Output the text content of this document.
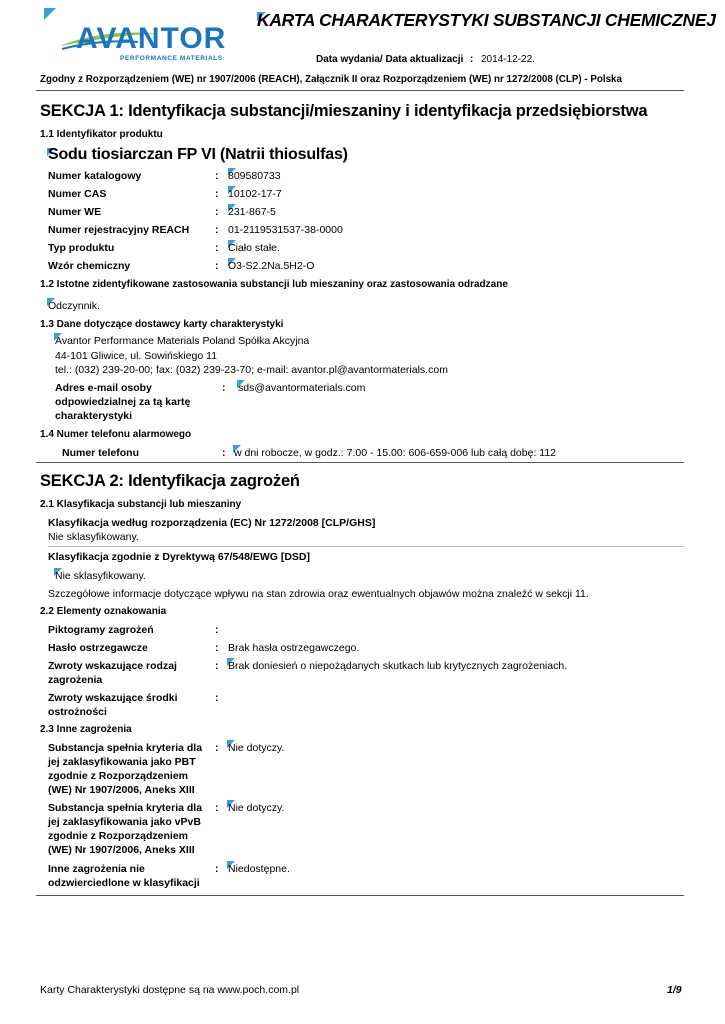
AVANTOR
PERFORMANCE MATERIALS
KARTA CHARAKTERYSTYKI SUBSTANCJI CHEMICZNEJ
Data wydania/ Data aktualizacji : 2014-12-22.
Zgodny z Rozporządzeniem (WE) nr 1907/2006 (REACH), Załącznik II oraz Rozporządzeniem (WE) nr 1272/2008 (CLP) - Polska
SEKCJA 1: Identyfikacja substancji/mieszaniny i identyfikacja przedsiębiorstwa
1.1 Identyfikator produktu
Sodu tiosiarczan FP VI (Natrii thiosulfas)
Numer katalogowy	: 809580733
Numer CAS	: 10102-17-7
Numer WE	: 231-867-5
Numer rejestracyjny REACH : 01-2119531537-38-0000
Typ produktu	: Ciało stałe.
Wzór chemiczny	: O3-S2.2Na.5H2-O
1.2 Istotne zidentyfikowane zastosowania substancji lub mieszaniny oraz zastosowania odradzane
Odczynnik.
1.3 Dane dotyczące dostawcy karty charakterystyki
Avantor Performance Materials Poland Spółka Akcyjna
44-101 Gliwice, ul. Sowińskiego 11
tel.: (032) 239-20-00; fax: (032) 239-23-70; e-mail: avantor.pl@avantormaterials.com
Adres e-mail osoby
odpowiedzialnej za tą kartę
charakterystyki
: sds@avantormaterials.com
1.4 Numer telefonu alarmowego
Numer telefonu	: w dni robocze, w godz.: 7.00 - 15.00: 606-659-006 lub całą dobę: 112
SEKCJA 2: Identyfikacja zagrożeń
2.1 Klasyfikacja substancji lub mieszaniny
Klasyfikacja według rozporządzenia (EC) Nr 1272/2008 [CLP/GHS]
Nie sklasyfikowany.
Klasyfikacja zgodnie z Dyrektywą 67/548/EWG [DSD]
Nie sklasyfikowany.
Szczegółowe informacje dotyczące wpływu na stan zdrowia oraz ewentualnych objawów można znaleźć w sekcji 11.
2.2 Elementy oznakowania
Piktogramy zagrożeń	:
Hasło ostrzegawcze	: Brak hasła ostrzegawczego.
Zwroty wskazujące rodzaj
zagrożenia
: Brak doniesień o niepożądanych skutkach lub krytycznych zagrożeniach.
Zwroty wskazujące środki
ostrożności
:
2.3 Inne zagrożenia
Substancja spełnia kryteria dla
jej zaklasyfikowania jako PBT
zgodnie z Rozporządzeniem
(WE) Nr 1907/2006, Aneks XIII
: Nie dotyczy.
Substancja spełnia kryteria dla
jej zaklasyfikowania jako vPvB
zgodnie z Rozporządzeniem
(WE) Nr 1907/2006, Aneks XIII
: Nie dotyczy.
Inne zagrożenia nie
odzwierciedlone w klasyfikacji
: Niedostępne.
Karty Charakterystyki dostępne są na www.poch.com.pl	1/9
